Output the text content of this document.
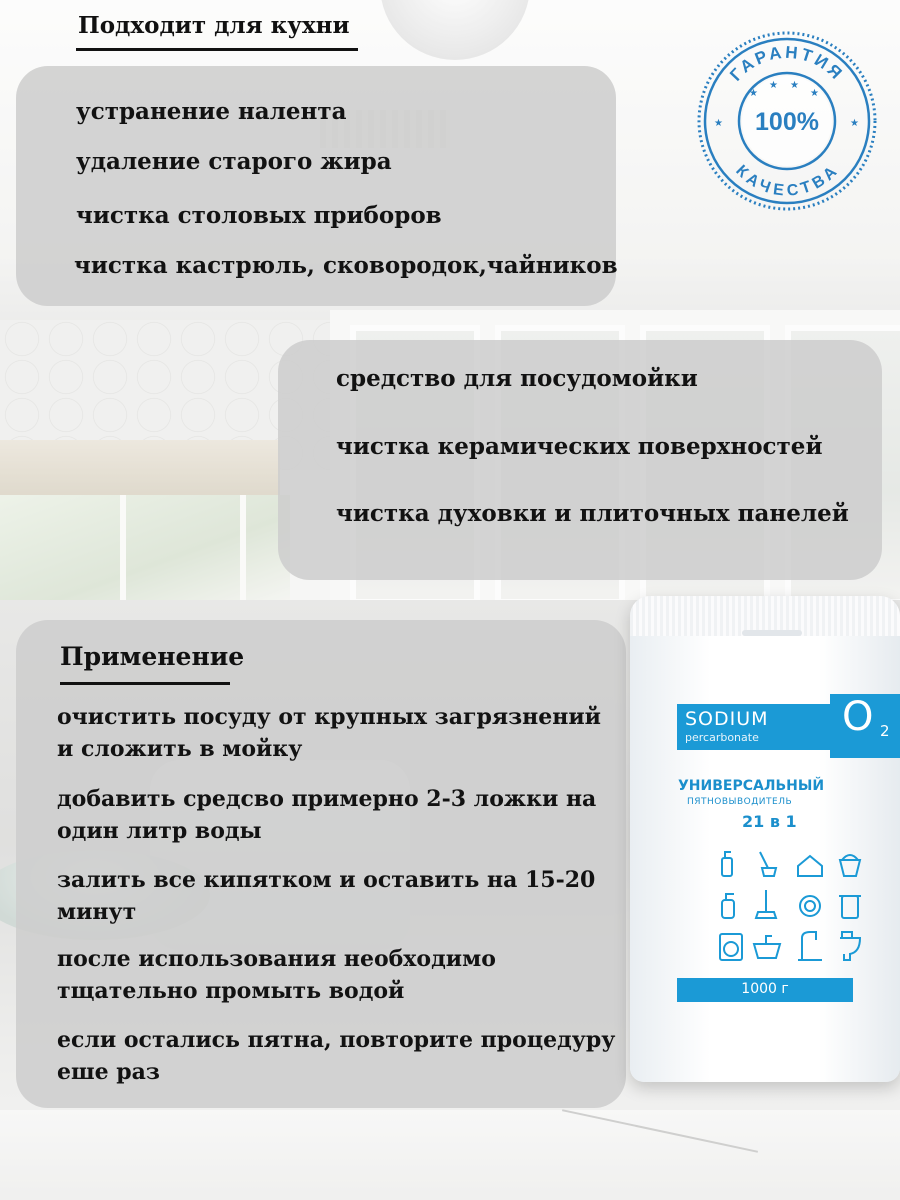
Подходит для кухни
устранение налента
удаление старого жира
чистка столовых приборов
чистка кастрюль, сковородок,чайников
средство для посудомойки
чистка керамических поверхностей
чистка духовки и плиточных панелей
Применение
очистить посуду от крупных загрязнений
и сложить в мойку
добавить средсво примерно 2-3 ложки на
один литр воды
залить все кипятком и оставить на 15-20
минут
после использования необходимо
тщательно промыть водой
если остались пятна, повторите процедуру
еше раз
ГАРАНТИЯ
КАЧЕСТВА
100%
★
★ ★
★
★	★
SODIUM
percarbonate O 2
УНИВЕРСАЛЬНЫЙ
ПЯТНОВЫВОДИТЕЛЬ
21 в 1
1000 г
